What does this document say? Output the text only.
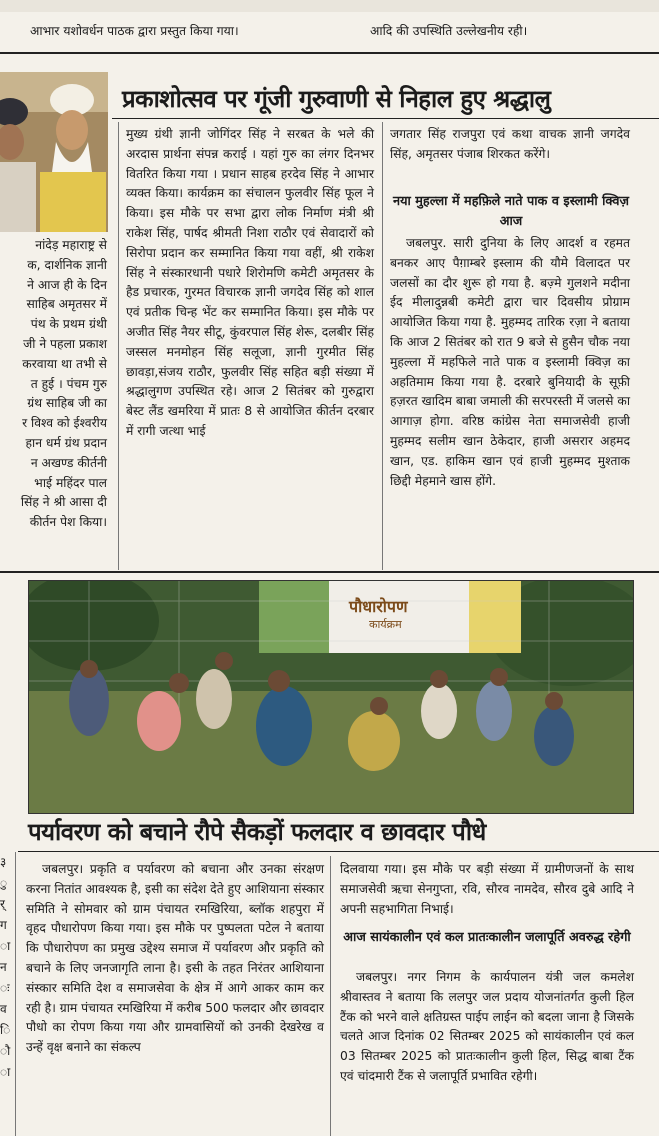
आभार यशोवर्धन पाठक द्वारा प्रस्तुत किया गया।	आदि की उपस्थिति उल्लेखनीय रही।
प्रकाशोत्सव पर गूंजी गुरुवाणी से निहाल हुए श्रद्धालु
नांदेड़ महाराष्ट्र से
क, दार्शनिक ज्ञानी
ने आज ही के दिन
साहिब अमृतसर में
पंथ के प्रथम ग्रंथी
जी ने पहला प्रकाश
करवाया था तभी से
त हुई । पंचम गुरु
ग्रंथ साहिब जी का
र विश्व को ईश्वरीय
हान धर्म ग्रंथ प्रदान
न अखण्ड कीर्तनी
भाई महिंदर पाल
सिंह ने श्री आसा दी
कीर्तन पेश किया।
मुख्य ग्रंथी ज्ञानी जोगिंदर सिंह ने सरबत के भले की अरदास प्रार्थना संपन्न कराई । यहां गुरु का लंगर दिनभर वितरित किया गया । प्रधान साहब हरदेव सिंह ने आभार व्यक्त किया। कार्यक्रम का संचालन फुलवीर सिंह फूल ने किया। इस मौके पर सभा द्वारा लोक निर्माण मंत्री श्री राकेश सिंह, पार्षद श्रीमती निशा राठौर एवं सेवादारों को सिरोपा प्रदान कर सम्मानित किया गया वहीं, श्री राकेश सिंह ने संस्कारधानी पधारे शिरोमणि कमेटी अमृतसर के हैड प्रचारक, गुरमत विचारक ज्ञानी जगदेव सिंह को शाल एवं प्रतीक चिन्ह भेंट कर सम्मानित किया। इस मौके पर अजीत सिंह नैयर सीटू, कुंवरपाल सिंह शेरू, दलबीर सिंह जस्सल मनमोहन सिंह सलूजा, ज्ञानी गुरमीत सिंह छावड़ा,संजय राठौर, फुलवीर सिंह सहित बड़ी संख्या में श्रद्धालुगण उपस्थित रहे। आज 2 सितंबर को गुरुद्वारा बेस्ट लैंड खमरिया में प्रातः 8 से आयोजित कीर्तन दरबार में रागी जत्था भाई
जगतार सिंह राजपुरा एवं कथा वाचक ज्ञानी जगदेव सिंह, अमृतसर पंजाब शिरकत करेंगे।
नया मुहल्ला में महफ़िले नाते पाक व इस्लामी क्विज़ आज
जबलपुर. सारी दुनिया के लिए आदर्श व रहमत बनकर आए पैग़ाम्बरे इस्लाम की यौमे विलादत पर जलसों का दौर शुरू हो गया है. बज़्मे गुलशने मदीना ईद मीलादुन्नबी कमेटी द्वारा चार दिवसीय प्रोग्राम आयोजित किया गया है. मुहम्मद तारिक रज़ा ने बताया कि आज 2 सितंबर को रात 9 बजे से हुसैन चौक नया मुहल्ला में महफिले नाते पाक व इस्लामी क्विज़ का अहतिमाम किया गया है. दरबारे बुनियादी के सूफ़ी हज़रत खादिम बाबा जमाली की सरपरस्ती में जलसे का आगाज़ होगा. वरिष्ठ कांग्रेस नेता समाजसेवी हाजी मुहम्मद सलीम खान ठेकेदार, हाजी असरार अहमद खान, एड. हाकिम खान एवं हाजी मुहम्मद मुश्ताक छिद्दी मेहमाने खास होंगे.
पौधारोपण
कार्यक्रम
पर्यावरण को बचाने रौपे सैकड़ों फलदार व छावदार पौधे
३
ु
र्
ग
ा
न
ः
व
ि
ौ
ा
जबलपुर। प्रकृति व पर्यावरण को बचाना और उनका संरक्षण करना नितांत आवश्यक है, इसी का संदेश देते हुए आशियाना संस्कार समिति ने सोमवार को ग्राम पंचायत रमखिरिया, ब्लॉक शहपुरा में वृहद पौधारोपण किया गया। इस मौके पर पुष्पलता पटेल ने बताया कि पौधारोपण का प्रमुख उद्देश्य समाज में पर्यावरण और प्रकृति को बचाने के लिए जनजागृति लाना है। इसी के तहत निरंतर आशियाना संस्कार समिति देश व समाजसेवा के क्षेत्र में आगे आकर काम कर रही है। ग्राम पंचायत रमखिरिया में करीब 500 फलदार और छावदार पौधो का रोपण किया गया और ग्रामवासियों को उनकी देखरेख व उन्हें वृक्ष बनाने का संकल्प
दिलवाया गया। इस मौके पर बड़ी संख्या में ग्रामीणजनों के साथ समाजसेवी ऋचा सेनगुप्ता, रवि, सौरव नामदेव, सौरव दुबे आदि ने अपनी सहभागिता निभाई।
आज सायंकालीन एवं कल प्रातःकालीन जलापूर्ति अवरुद्ध रहेगी
जबलपुर। नगर निगम के कार्यपालन यंत्री जल कमलेश श्रीवास्तव ने बताया कि ललपुर जल प्रदाय योजनांतर्गत कुली हिल टैंक को भरने वाले क्षतिग्रस्त पाईप लाईन को बदला जाना है जिसके चलते आज दिनांक 02 सितम्बर 2025 को सायंकालीन एवं कल 03 सितम्बर 2025 को प्रातःकालीन कुली हिल, सिद्ध बाबा टैंक एवं चांदमारी टैंक से जलापूर्ति प्रभावित रहेगी।
